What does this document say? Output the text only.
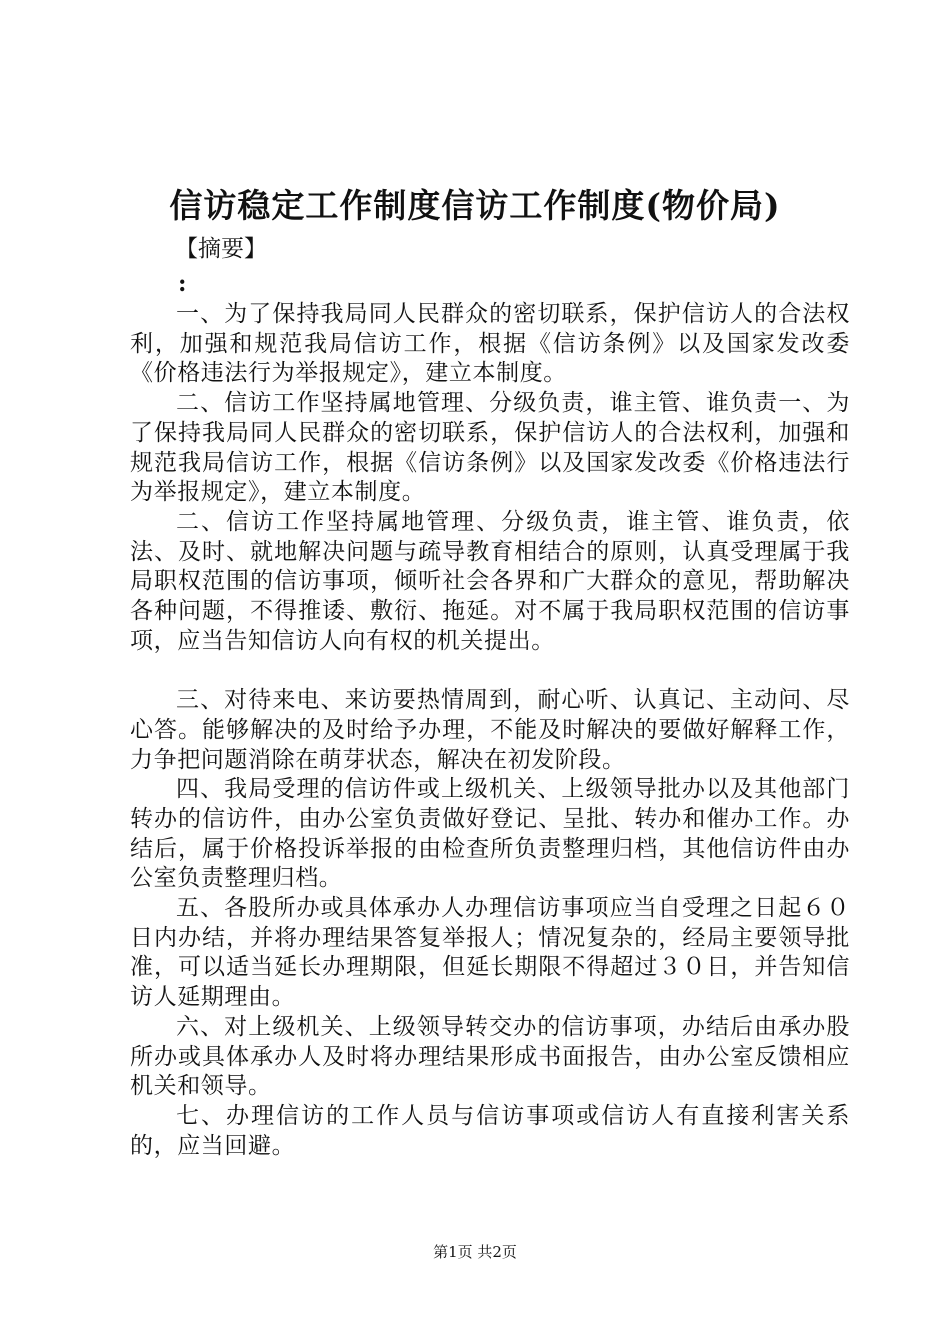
信访稳定工作制度信访工作制度(物价局)
【摘要】
:

一、为了保持我局同人民群众的密切联系，保护信访人的合法权利，加强和规范我局信访工作，根据《信访条例》以及国家发改委《价格违法行为举报规定》，建立本制度。

二、信访工作坚持属地管理、分级负责，谁主管、谁负责一、为了保持我局同人民群众的密切联系，保护信访人的合法权利，加强和规范我局信访工作，根据《信访条例》以及国家发改委《价格违法行为举报规定》，建立本制度。

二、信访工作坚持属地管理、分级负责，谁主管、谁负责，依法、及时、就地解决问题与疏导教育相结合的原则，认真受理属于我局职权范围的信访事项，倾听社会各界和广大群众的意见，帮助解决各种问题，不得推诿、敷衍、拖延。对不属于我局职权范围的信访事项，应当告知信访人向有权的机关提出。

三、对待来电、来访要热情周到，耐心听、认真记、主动问、尽心答。能够解决的及时给予办理，不能及时解决的要做好解释工作，力争把问题消除在萌芽状态，解决在初发阶段。

四、我局受理的信访件或上级机关、上级领导批办以及其他部门转办的信访件，由办公室负责做好登记、呈批、转办和催办工作。办结后，属于价格投诉举报的由检查所负责整理归档，其他信访件由办公室负责整理归档。

五、各股所办或具体承办人办理信访事项应当自受理之日起６０日内办结，并将办理结果答复举报人；情况复杂的，经局主要领导批准，可以适当延长办理期限，但延长期限不得超过３０日，并告知信访人延期理由。

六、对上级机关、上级领导转交办的信访事项，办结后由承办股所办或具体承办人及时将办理结果形成书面报告，由办公室反馈相应机关和领导。

七、办理信访的工作人员与信访事项或信访人有直接利害关系的，应当回避。

第1页 共2页
